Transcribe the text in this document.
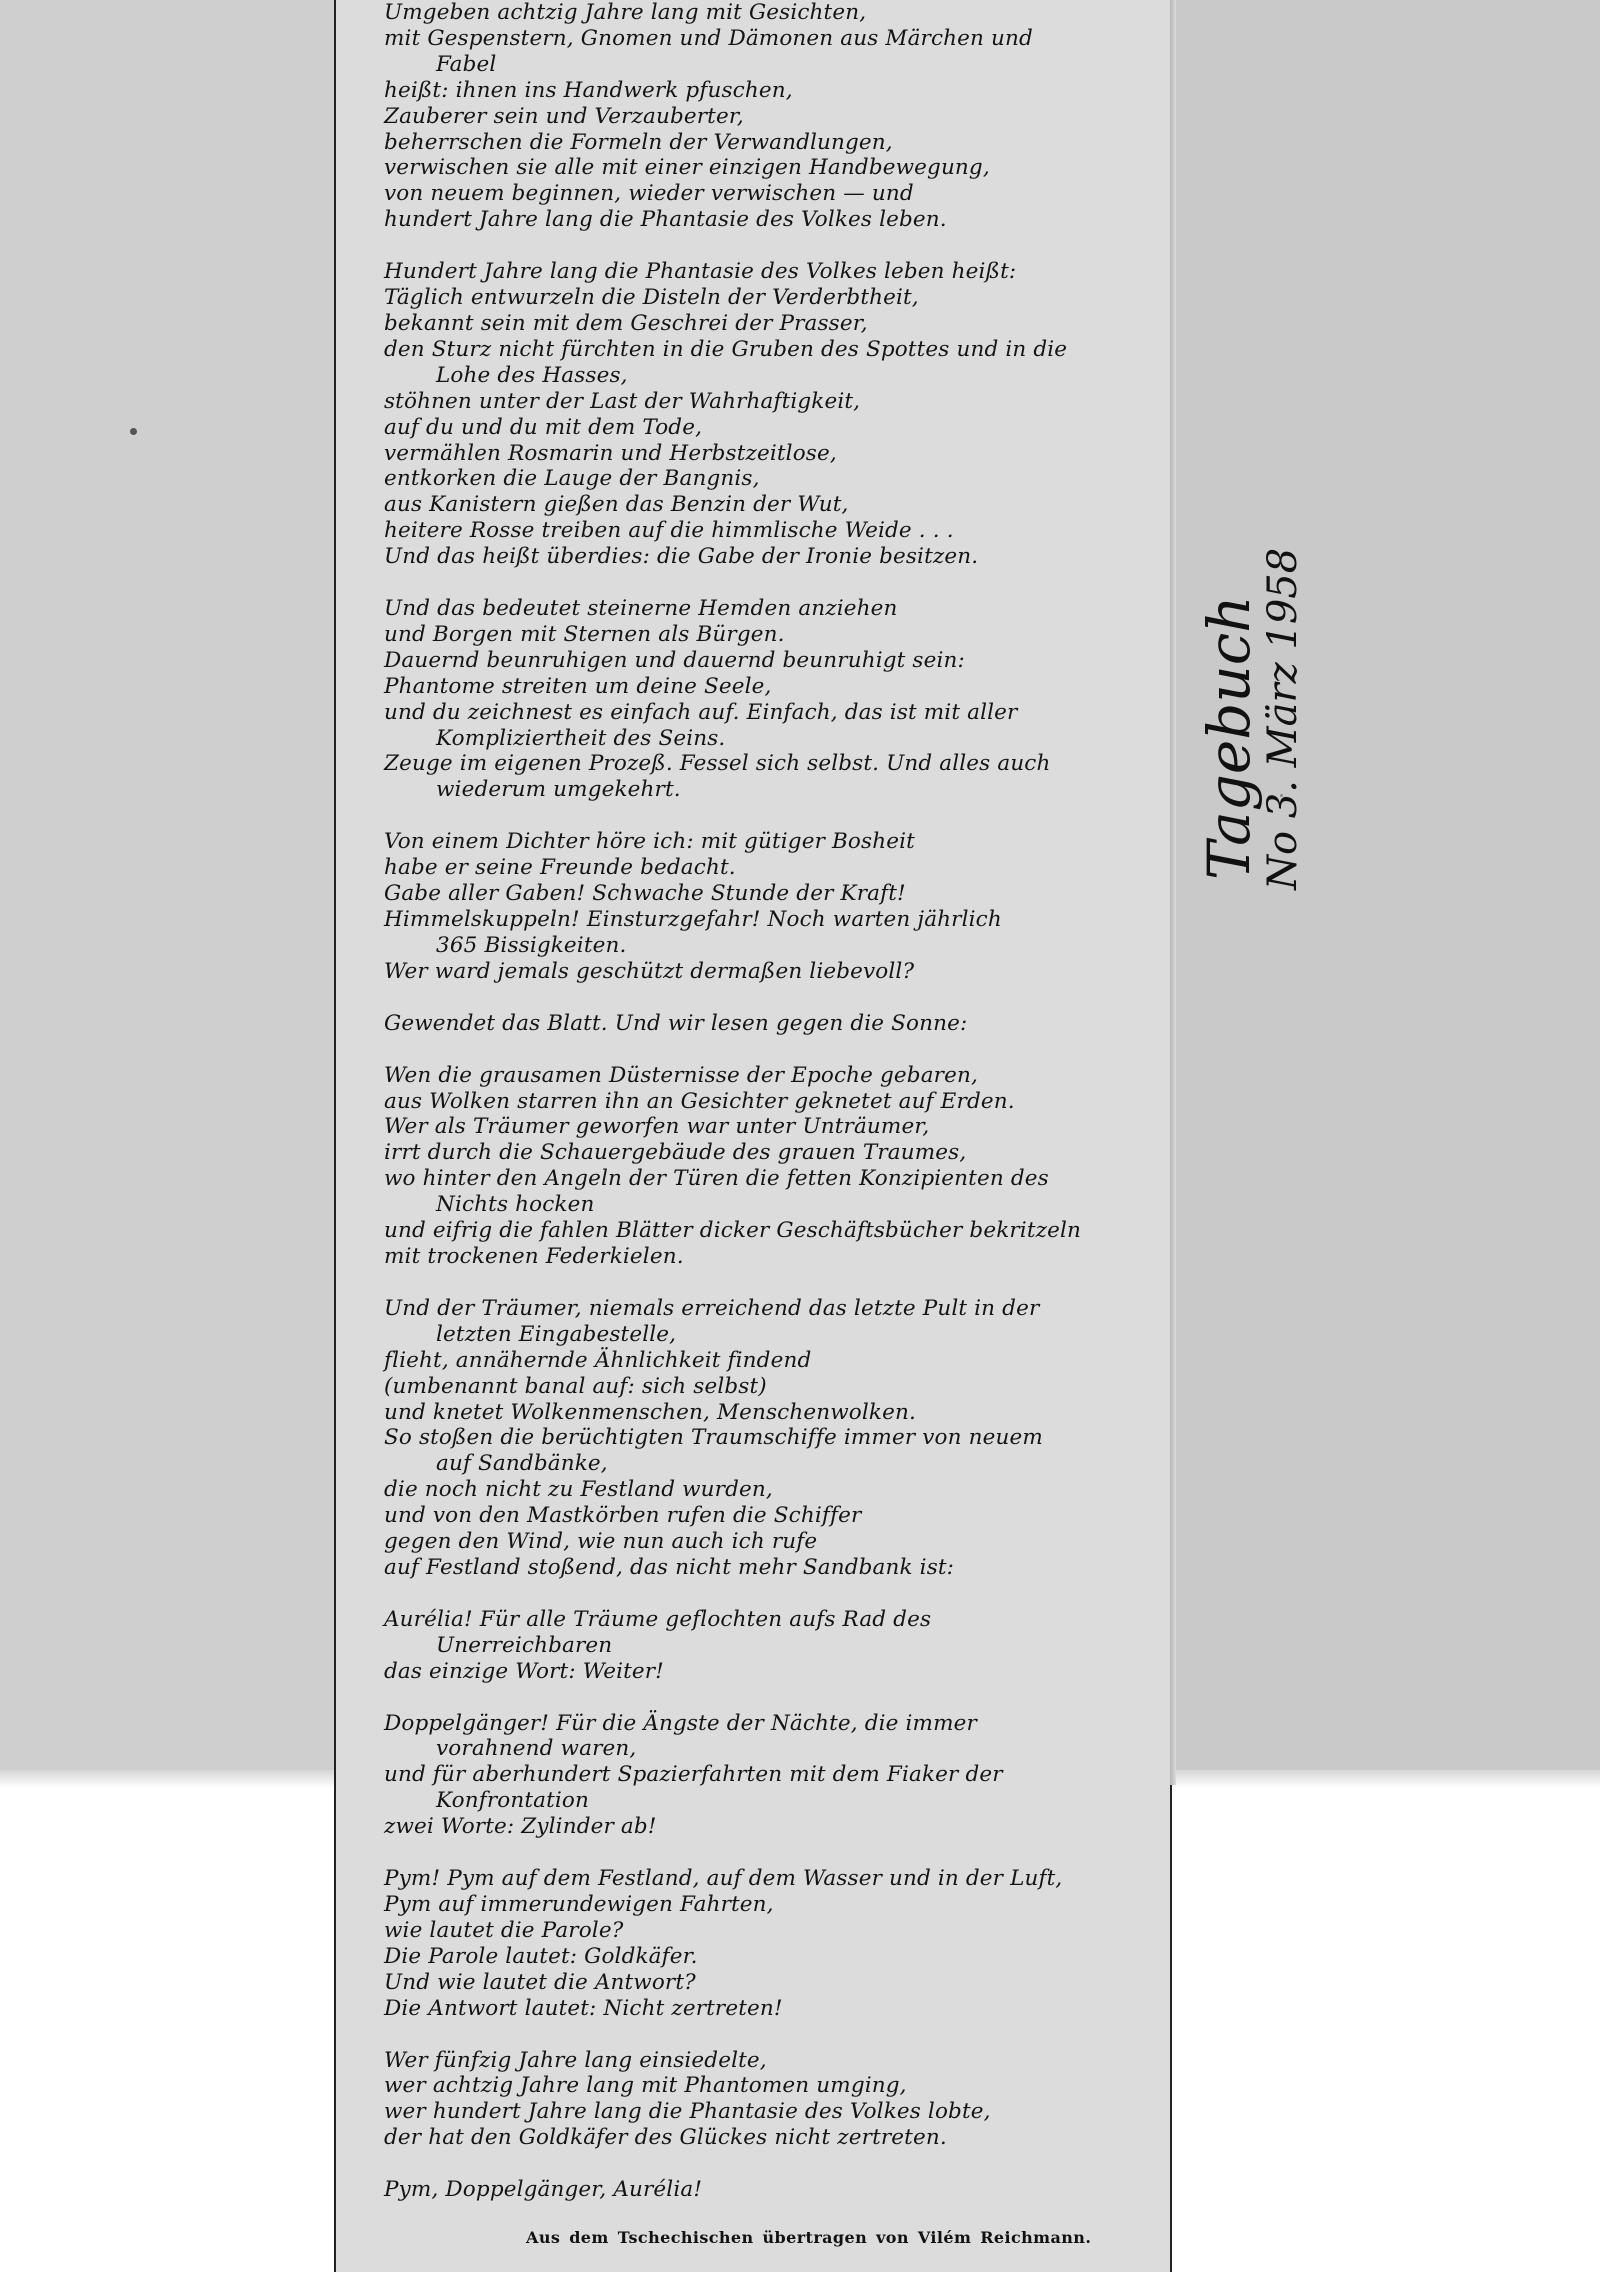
Umgeben achtzig Jahre lang mit Gesichten,
mit Gespenstern, Gnomen und Dämonen aus Märchen und
Fabel
heißt: ihnen ins Handwerk pfuschen,
Zauberer sein und Verzauberter,
beherrschen die Formeln der Verwandlungen,
verwischen sie alle mit einer einzigen Handbewegung,
von neuem beginnen, wieder verwischen — und
hundert Jahre lang die Phantasie des Volkes leben.
Hundert Jahre lang die Phantasie des Volkes leben heißt:
Täglich entwurzeln die Disteln der Verderbtheit,
bekannt sein mit dem Geschrei der Prasser,
den Sturz nicht fürchten in die Gruben des Spottes und in die
Lohe des Hasses,
stöhnen unter der Last der Wahrhaftigkeit,
auf du und du mit dem Tode,
vermählen Rosmarin und Herbstzeitlose,
entkorken die Lauge der Bangnis,
aus Kanistern gießen das Benzin der Wut,
heitere Rosse treiben auf die himmlische Weide . . .
Und das heißt überdies: die Gabe der Ironie besitzen.
Und das bedeutet steinerne Hemden anziehen
und Borgen mit Sternen als Bürgen.
Dauernd beunruhigen und dauernd beunruhigt sein:
Phantome streiten um deine Seele,
und du zeichnest es einfach auf. Einfach, das ist mit aller
Kompliziertheit des Seins.
Zeuge im eigenen Prozeß. Fessel sich selbst. Und alles auch
wiederum umgekehrt.
Von einem Dichter höre ich: mit gütiger Bosheit
habe er seine Freunde bedacht.
Gabe aller Gaben! Schwache Stunde der Kraft!
Himmelskuppeln! Einsturzgefahr! Noch warten jährlich
365 Bissigkeiten.
Wer ward jemals geschützt dermaßen liebevoll?
Gewendet das Blatt. Und wir lesen gegen die Sonne:
Wen die grausamen Düsternisse der Epoche gebaren,
aus Wolken starren ihn an Gesichter geknetet auf Erden.
Wer als Träumer geworfen war unter Unträumer,
irrt durch die Schauergebäude des grauen Traumes,
wo hinter den Angeln der Türen die fetten Konzipienten des
Nichts hocken
und eifrig die fahlen Blätter dicker Geschäftsbücher bekritzeln
mit trockenen Federkielen.
Und der Träumer, niemals erreichend das letzte Pult in der
letzten Eingabestelle,
flieht, annähernde Ähnlichkeit findend
(umbenannt banal auf: sich selbst)
und knetet Wolkenmenschen, Menschenwolken.
So stoßen die berüchtigten Traumschiffe immer von neuem
auf Sandbänke,
die noch nicht zu Festland wurden,
und von den Mastkörben rufen die Schiffer
gegen den Wind, wie nun auch ich rufe
auf Festland stoßend, das nicht mehr Sandbank ist:
Aurélia! Für alle Träume geflochten aufs Rad des
Unerreichbaren
das einzige Wort: Weiter!
Doppelgänger! Für die Ängste der Nächte, die immer
vorahnend waren,
und für aberhundert Spazierfahrten mit dem Fiaker der
Konfrontation
zwei Worte: Zylinder ab!
Pym! Pym auf dem Festland, auf dem Wasser und in der Luft,
Pym auf immerundewigen Fahrten,
wie lautet die Parole?
Die Parole lautet: Goldkäfer.
Und wie lautet die Antwort?
Die Antwort lautet: Nicht zertreten!
Wer fünfzig Jahre lang einsiedelte,
wer achtzig Jahre lang mit Phantomen umging,
wer hundert Jahre lang die Phantasie des Volkes lobte,
der hat den Goldkäfer des Glückes nicht zertreten.
Pym, Doppelgänger, Aurélia!
Aus dem Tschechischen übertragen von Vilém Reichmann.
Tagebuch
No 3. März 1958
